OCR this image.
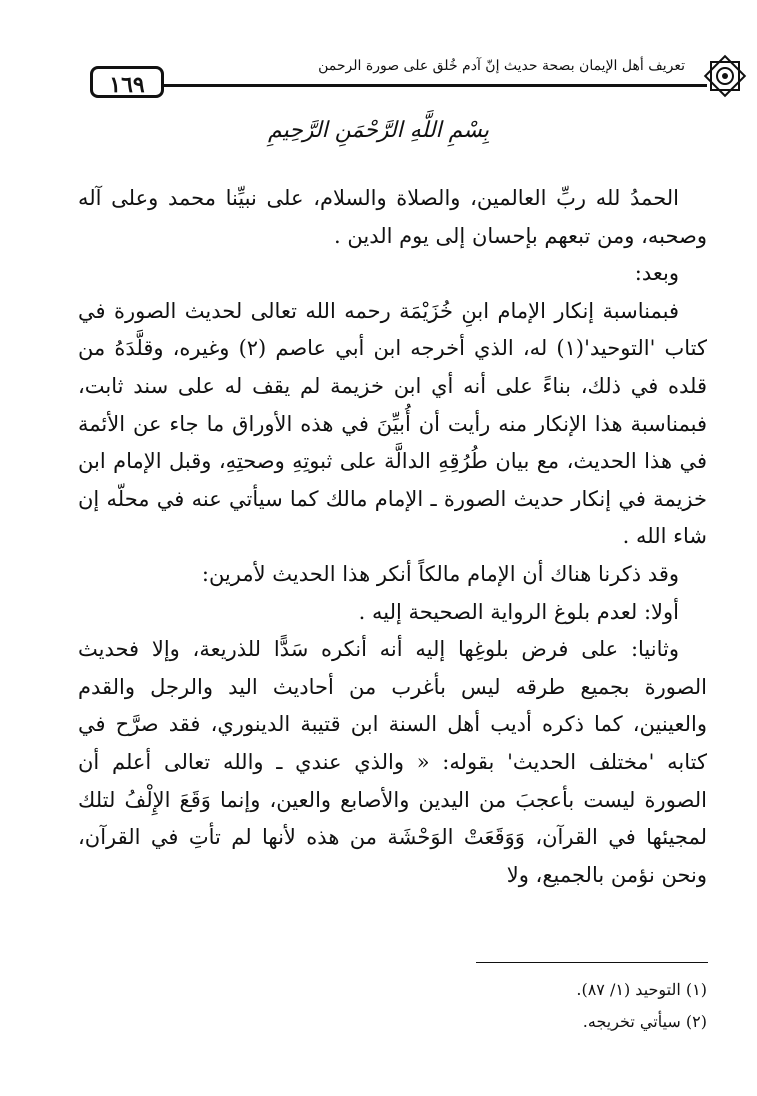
١٦٩
تعريف أهل الإيمان بصحة حديث إنّ آدم خُلق على صورة الرحمن
بِسْمِ اللَّهِ الرَّحْمَنِ الرَّحِيمِ

الحمدُ لله ربِّ العالمين، والصلاة والسلام، على نبيِّنا محمد وعلى آله وصحبه، ومن تبعهم بإحسان إلى يوم الدين .

وبعد:

فبمناسبة إنكار الإمام ابنِ خُزَيْمَة رحمه الله تعالى لحديث الصورة في كتاب 'التوحيد'(١) له، الذي أخرجه ابن أبي عاصم (٢) وغيره، وقلَّدَهُ من قلده في ذلك، بناءً على أنه أي ابن خزيمة لم يقف له على سند ثابت، فبمناسبة هذا الإنكار منه رأيت أن أُبيِّنَ في هذه الأوراق ما جاء عن الأئمة في هذا الحديث، مع بيان طُرُقِهِ الدالَّة على ثبوتِهِ وصحتِهِ، وقبل الإمام ابن خزيمة في إنكار حديث الصورة ـ الإمام مالك كما سيأتي عنه في محلّه إن شاء الله .

وقد ذكرنا هناك أن الإمام مالكاً أنكر هذا الحديث لأمرين:

أولا: لعدم بلوغ الرواية الصحيحة إليه .

وثانيا: على فرض بلوغِها إليه أنه أنكره سَدًّا للذريعة، وإلا فحديث الصورة بجميع طرقه ليس بأغرب من أحاديث اليد والرجل والقدم والعينين، كما ذكره أديب أهل السنة ابن قتيبة الدينوري، فقد صرَّح في كتابه 'مختلف الحديث' بقوله: « والذي عندي ـ والله تعالى أعلم أن الصورة ليست بأعجبَ من اليدين والأصابع والعين، وإنما وَقَعَ الإِلْفُ لتلك لمجيئها في القرآن، وَوَقَعَتْ الوَحْشَة من هذه لأنها لم تأتِ في القرآن، ونحن نؤمن بالجميع، ولا

(١) التوحيد (١/ ٨٧).

(٢) سيأتي تخريجه.
